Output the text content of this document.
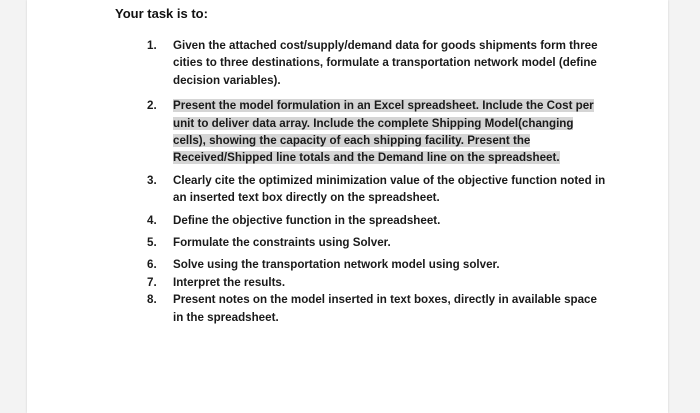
Your task is to:
1.	Given the attached cost/supply/demand data for goods shipments form three cities to three destinations, formulate a transportation network model (define decision variables).
2.	Present the model formulation in an Excel spreadsheet. Include the Cost per unit to deliver data array. Include the complete Shipping Model(changing cells), showing the capacity of each shipping facility. Present the Received/Shipped line totals and the Demand line on the spreadsheet.
3.	Clearly cite the optimized minimization value of the objective function noted in an inserted text box directly on the spreadsheet.
4.	Define the objective function in the spreadsheet.
5.	Formulate the constraints using Solver.
6.	Solve using the transportation network model using solver.
7.	Interpret the results.
8.	Present notes on the model inserted in text boxes, directly in available space in the spreadsheet.
